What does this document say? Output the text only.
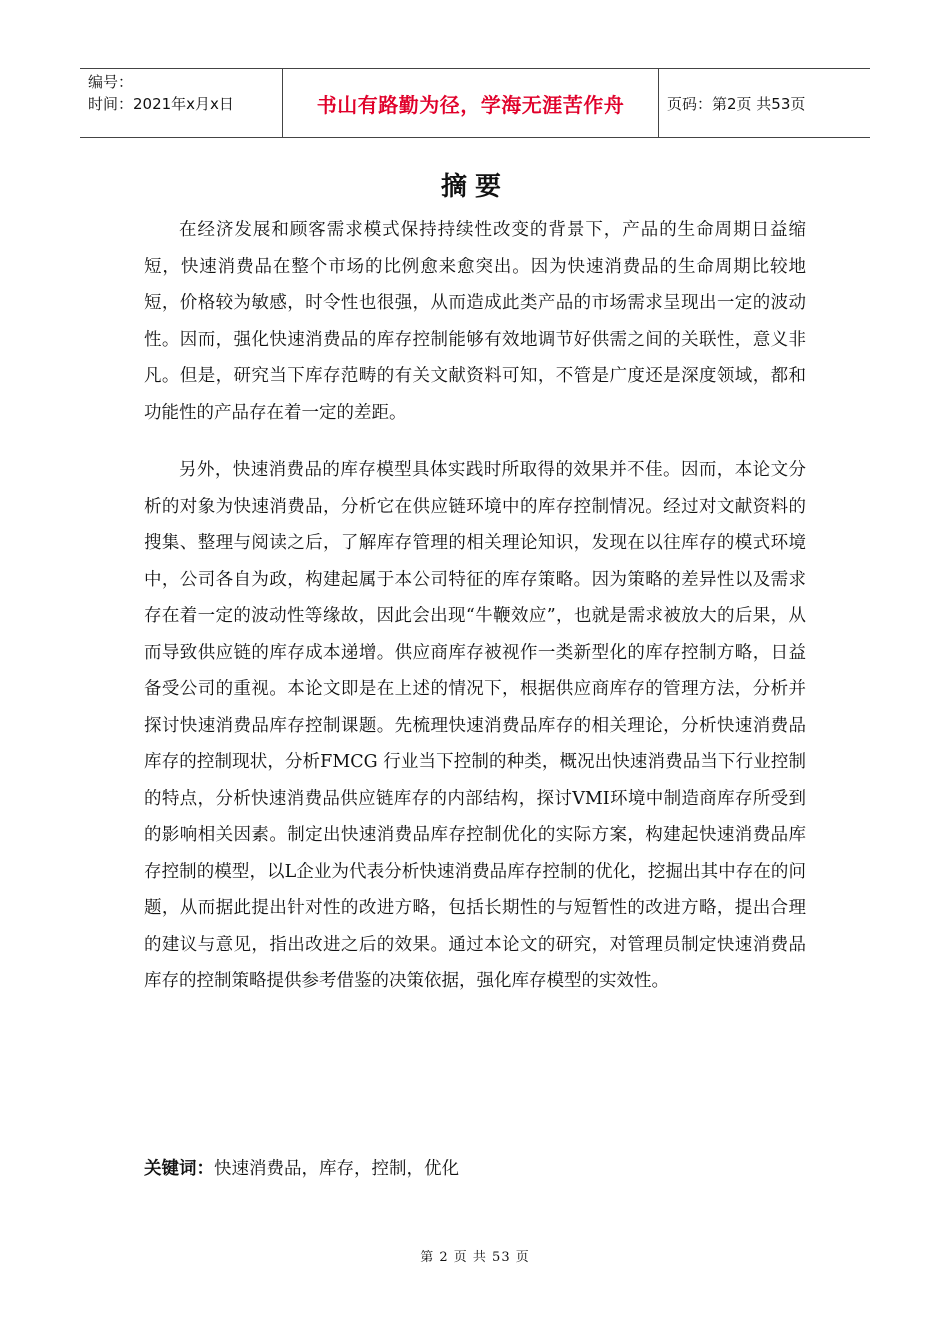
编号：
时间：2021年x月x日	书山有路勤为径，学海无涯苦作舟	页码：第2页 共53页
摘要

在经济发展和顾客需求模式保持持续性改变的背景下，产品的生命周期日益缩短，快速消费品在整个市场的比例愈来愈突出。因为快速消费品的生命周期比较地短，价格较为敏感，时令性也很强，从而造成此类产品的市场需求呈现出一定的波动性。因而，强化快速消费品的库存控制能够有效地调节好供需之间的关联性，意义非凡。但是，研究当下库存范畴的有关文献资料可知，不管是广度还是深度领域，都和功能性的产品存在着一定的差距。

另外，快速消费品的库存模型具体实践时所取得的效果并不佳。因而，本论文分析的对象为快速消费品，分析它在供应链环境中的库存控制情况。经过对文献资料的搜集、整理与阅读之后，了解库存管理的相关理论知识，发现在以往库存的模式环境中，公司各自为政，构建起属于本公司特征的库存策略。因为策略的差异性以及需求存在着一定的波动性等缘故，因此会出现“牛鞭效应”，也就是需求被放大的后果，从而导致供应链的库存成本递增。供应商库存被视作一类新型化的库存控制方略，日益备受公司的重视。本论文即是在上述的情况下，根据供应商库存的管理方法，分析并探讨快速消费品库存控制课题。先梳理快速消费品库存的相关理论，分析快速消费品库存的控制现状，分析FMCG 行业当下控制的种类，概况出快速消费品当下行业控制的特点，分析快速消费品供应链库存的内部结构，探讨VMI环境中制造商库存所受到的影响相关因素。制定出快速消费品库存控制优化的实际方案，构建起快速消费品库存控制的模型，以L企业为代表分析快速消费品库存控制的优化，挖掘出其中存在的问题，从而据此提出针对性的改进方略，包括长期性的与短暂性的改进方略，提出合理的建议与意见，指出改进之后的效果。通过本论文的研究，对管理员制定快速消费品库存的控制策略提供参考借鉴的决策依据，强化库存模型的实效性。

关键词：快速消费品，库存，控制，优化
第 2 页 共 53 页
